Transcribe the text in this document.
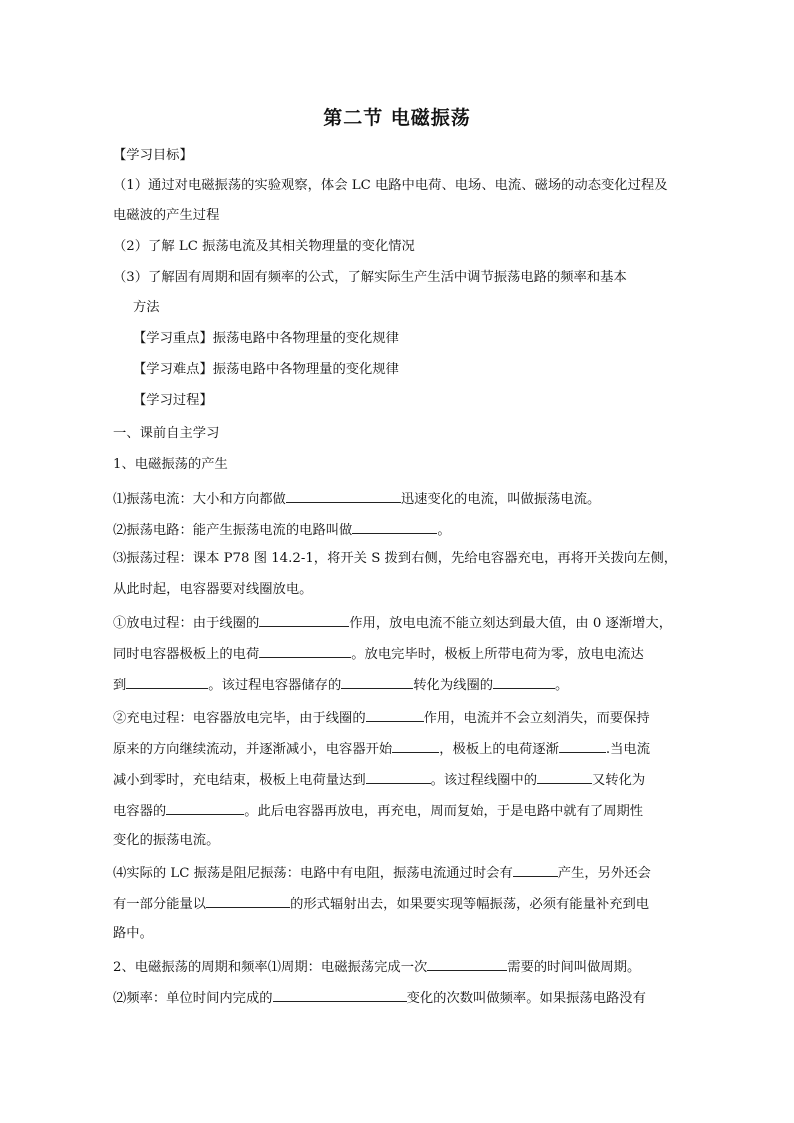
第二节 电磁振荡
【学习目标】
（1）通过对电磁振荡的实验观察，体会 LC 电路中电荷、电场、电流、磁场的动态变化过程及
电磁波的产生过程
（2）了解 LC 振荡电流及其相关物理量的变化情况
（3）了解固有周期和固有频率的公式，了解实际生产生活中调节振荡电路的频率和基本
方法
【学习重点】振荡电路中各物理量的变化规律
【学习难点】振荡电路中各物理量的变化规律
【学习过程】
一、课前自主学习
1、电磁振荡的产生
⑴振荡电流：大小和方向都做	迅速变化的电流，叫做振荡电流。
⑵振荡电路：能产生振荡电流的电路叫做	。
⑶振荡过程：课本 P78 图 14.2-1，将开关 S 拨到右侧，先给电容器充电，再将开关拨向左侧，
从此时起，电容器要对线圈放电。
①放电过程：由于线圈的	作用，放电电流不能立刻达到最大值，由 0 逐渐增大，
同时电容器极板上的电荷	。放电完毕时，极板上所带电荷为零，放电电流达
到	。该过程电容器储存的	转化为线圈的	。
②充电过程：电容器放电完毕，由于线圈的	作用，电流并不会立刻消失，而要保持
原来的方向继续流动，并逐渐减小，电容器开始	，极板上的电荷逐渐	.当电流
减小到零时，充电结束，极板上电荷量达到	。该过程线圈中的	又转化为
电容器的	。此后电容器再放电，再充电，周而复始，于是电路中就有了周期性
变化的振荡电流。
⑷实际的 LC 振荡是阻尼振荡：电路中有电阻，振荡电流通过时会有	产生，另外还会
有一部分能量以	的形式辐射出去，如果要实现等幅振荡，必须有能量补充到电
路中。
2、电磁振荡的周期和频率⑴周期：电磁振荡完成一次	需要的时间叫做周期。
⑵频率：单位时间内完成的	变化的次数叫做频率。如果振荡电路没有
